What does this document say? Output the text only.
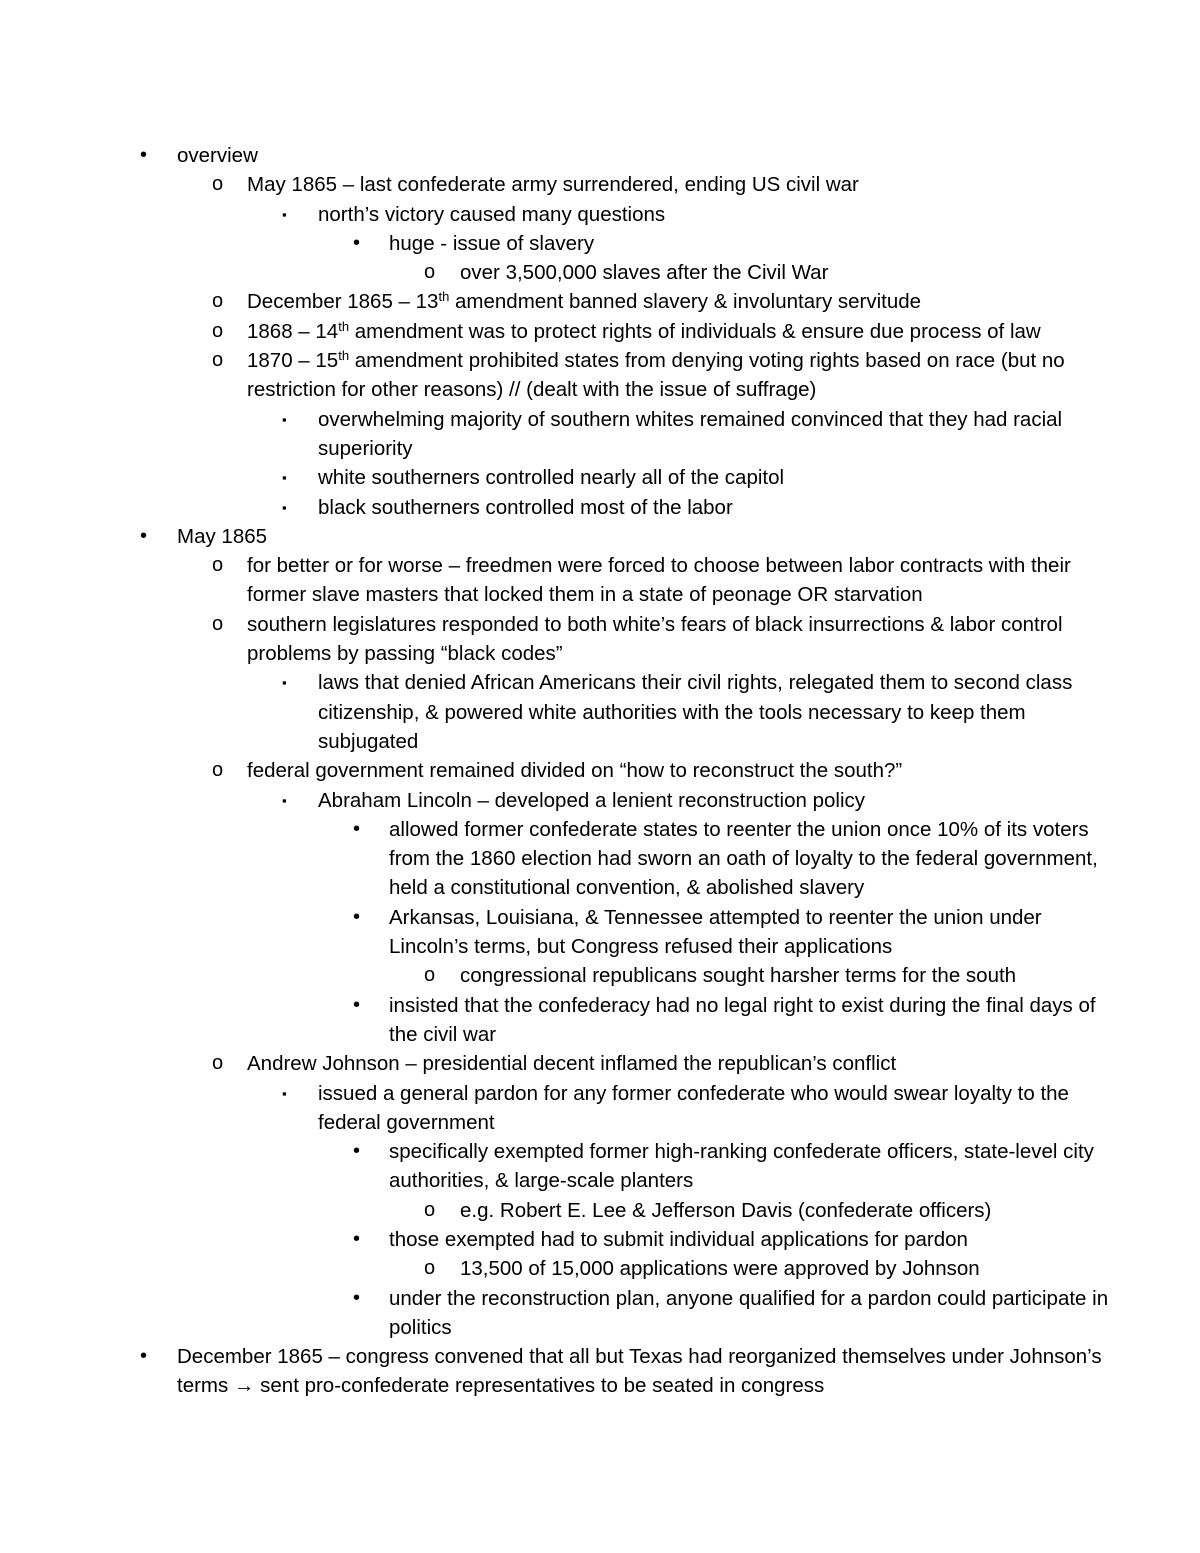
• overview
o May 1865 – last confederate army surrendered, ending US civil war
▪ north’s victory caused many questions
• huge - issue of slavery
o over 3,500,000 slaves after the Civil War
o December 1865 – 13th amendment banned slavery & involuntary servitude
o 1868 – 14th amendment was to protect rights of individuals & ensure due process of law
o 1870 – 15th amendment prohibited states from denying voting rights based on race (but no restriction for other reasons) // (dealt with the issue of suffrage)
▪ overwhelming majority of southern whites remained convinced that they had racial superiority
▪ white southerners controlled nearly all of the capitol
▪ black southerners controlled most of the labor
• May 1865
o for better or for worse – freedmen were forced to choose between labor contracts with their former slave masters that locked them in a state of peonage OR starvation
o southern legislatures responded to both white’s fears of black insurrections & labor control problems by passing “black codes”
▪ laws that denied African Americans their civil rights, relegated them to second class citizenship, & powered white authorities with the tools necessary to keep them subjugated
o federal government remained divided on “how to reconstruct the south?”
▪ Abraham Lincoln – developed a lenient reconstruction policy
• allowed former confederate states to reenter the union once 10% of its voters from the 1860 election had sworn an oath of loyalty to the federal government, held a constitutional convention, & abolished slavery
• Arkansas, Louisiana, & Tennessee attempted to reenter the union under Lincoln’s terms, but Congress refused their applications
o congressional republicans sought harsher terms for the south
• insisted that the confederacy had no legal right to exist during the final days of the civil war
o Andrew Johnson – presidential decent inflamed the republican’s conflict
▪ issued a general pardon for any former confederate who would swear loyalty to the federal government
• specifically exempted former high-ranking confederate officers, state-level city authorities, & large-scale planters
o e.g. Robert E. Lee & Jefferson Davis (confederate officers)
• those exempted had to submit individual applications for pardon
o 13,500 of 15,000 applications were approved by Johnson
• under the reconstruction plan, anyone qualified for a pardon could participate in politics
• December 1865 – congress convened that all but Texas had reorganized themselves under Johnson’s terms → sent pro-confederate representatives to be seated in congress
